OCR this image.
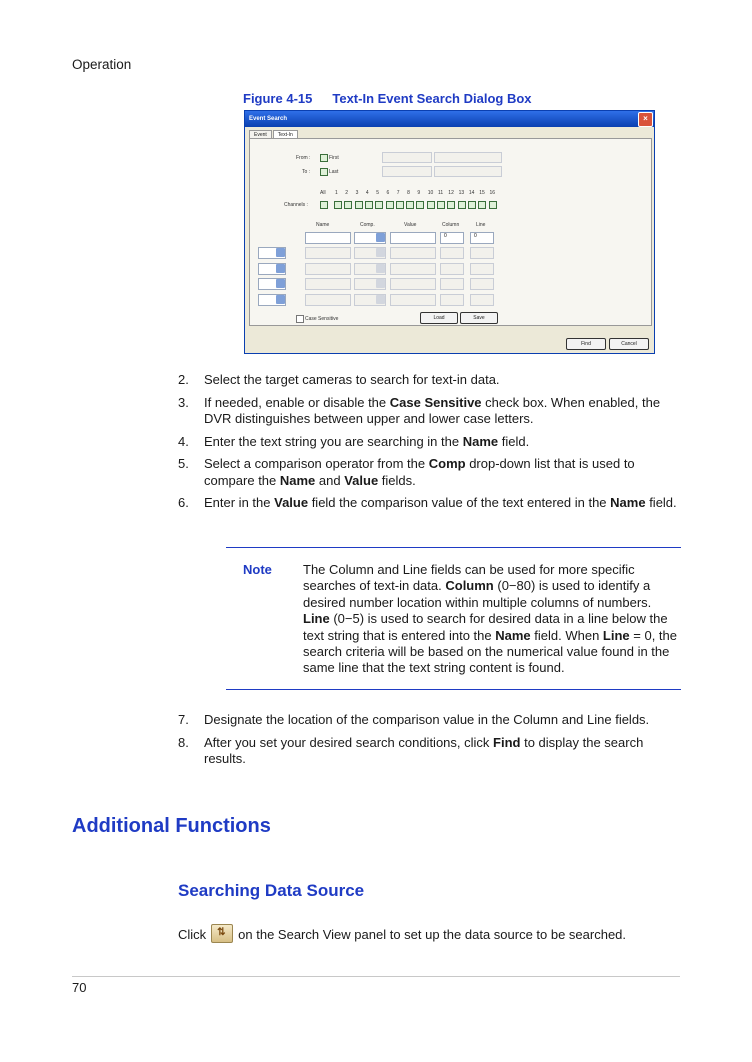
Operation
Figure 4-15 Text-In Event Search Dialog Box
Event Search	×
Event Text-In
From :	First
To :	Last
All 1 2 3 4 5 6 7 8 9 10 11 12 13 14 15 16
Channels :
Name	Comp.	Value	Column	Line
0	0
Case Sensitive	Load	Save
Find	Cancel
2. Select the target cameras to search for text-in data.
3. If needed, enable or disable the Case Sensitive check box. When enabled, the DVR distinguishes between upper and lower case letters.
4. Enter the text string you are searching in the Name field.
5. Select a comparison operator from the Comp drop-down list that is used to compare the Name and Value fields.
6. Enter in the Value field the comparison value of the text entered in the Name field.
Note The Column and Line fields can be used for more specific searches of text-in data. Column (0−80) is used to identify a desired number location within multiple columns of numbers. Line (0−5) is used to search for desired data in a line below the text string that is entered into the Name field. When Line = 0, the search criteria will be based on the numerical value found in the same line that the text string content is found.
7. Designate the location of the comparison value in the Column and Line fields.
8. After you set your desired search conditions, click Find to display the search results.
Additional Functions
Searching Data Source
Click ⇅ on the Search View panel to set up the data source to be searched.
70
